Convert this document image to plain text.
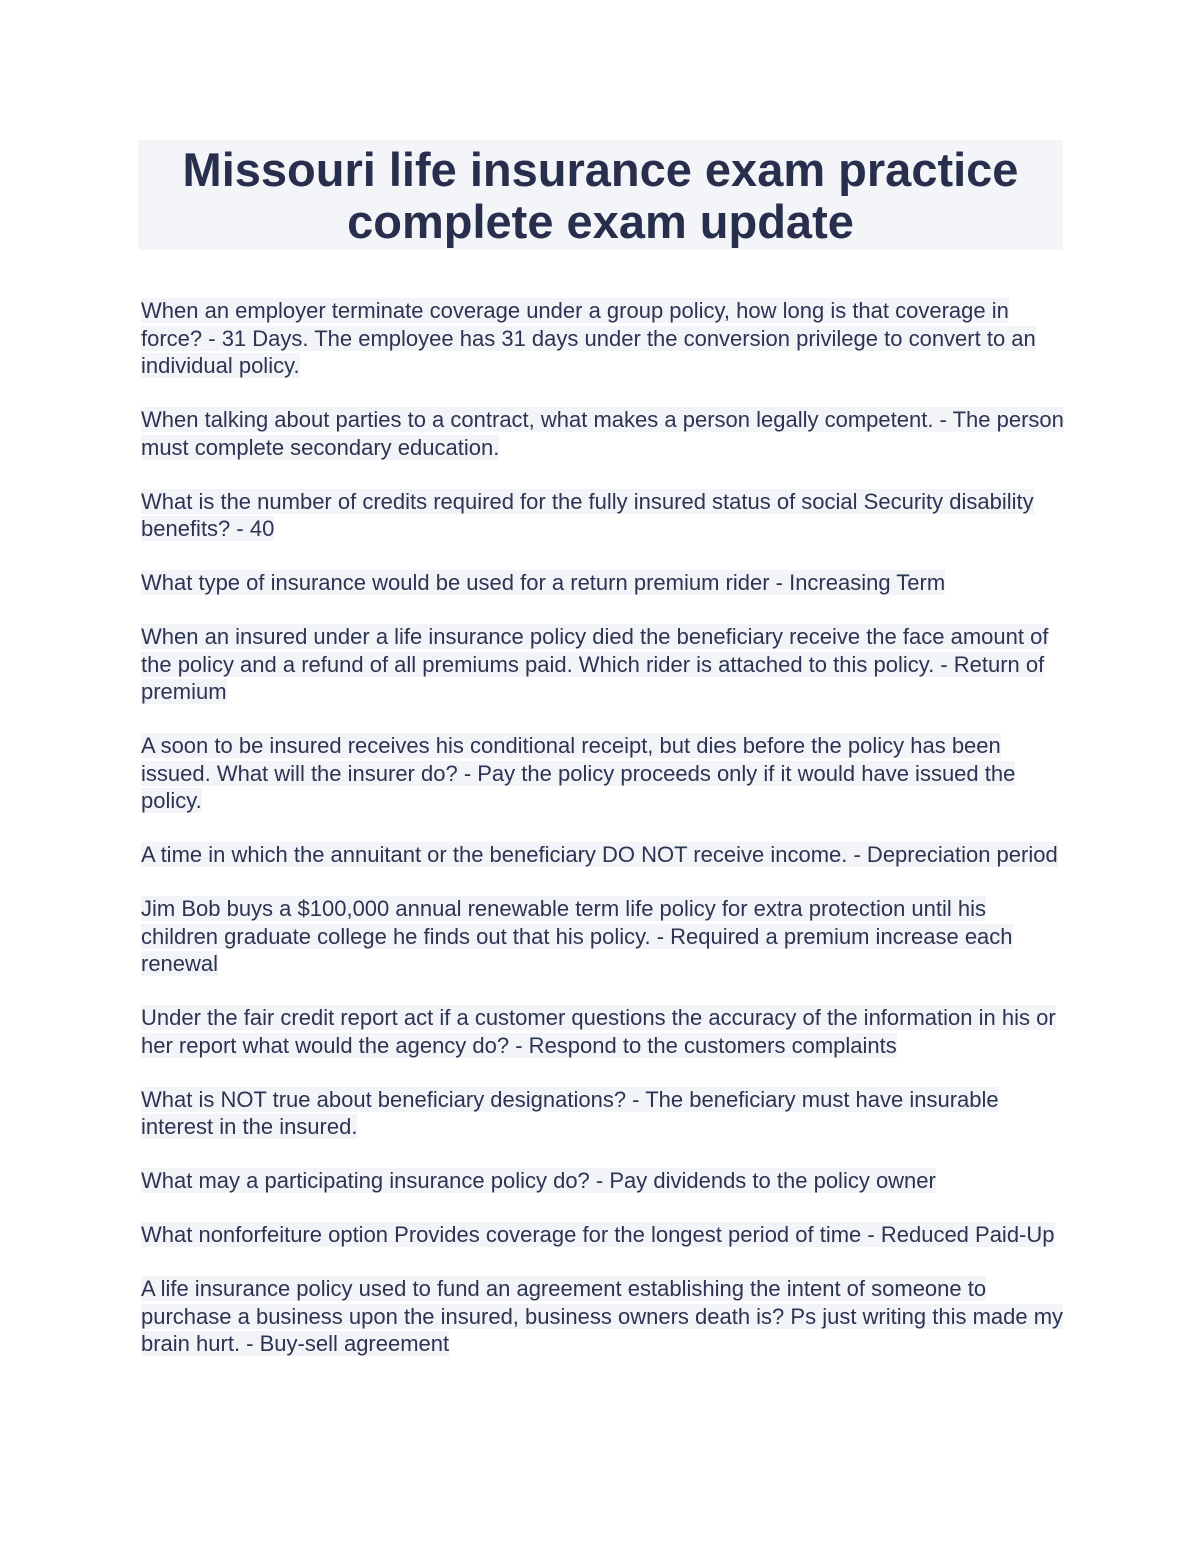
Missouri life insurance exam practice
complete exam update

When an employer terminate coverage under a group policy, how long is that coverage in force? - 31 Days. The employee has 31 days under the conversion privilege to convert to an individual policy.

When talking about parties to a contract, what makes a person legally competent. - The person must complete secondary education.

What is the number of credits required for the fully insured status of social Security disability benefits? - 40

What type of insurance would be used for a return premium rider - Increasing Term

When an insured under a life insurance policy died the beneficiary receive the face amount of the policy and a refund of all premiums paid. Which rider is attached to this policy. - Return of premium

A soon to be insured receives his conditional receipt, but dies before the policy has been issued. What will the insurer do? - Pay the policy proceeds only if it would have issued the policy.

A time in which the annuitant or the beneficiary DO NOT receive income. - Depreciation period

Jim Bob buys a $100,000 annual renewable term life policy for extra protection until his children graduate college he finds out that his policy. - Required a premium increase each renewal

Under the fair credit report act if a customer questions the accuracy of the information in his or her report what would the agency do? - Respond to the customers complaints

What is NOT true about beneficiary designations? - The beneficiary must have insurable interest in the insured.

What may a participating insurance policy do? - Pay dividends to the policy owner

What nonforfeiture option Provides coverage for the longest period of time - Reduced Paid-Up

A life insurance policy used to fund an agreement establishing the intent of someone to purchase a business upon the insured, business owners death is? Ps just writing this made my brain hurt. - Buy-sell agreement
